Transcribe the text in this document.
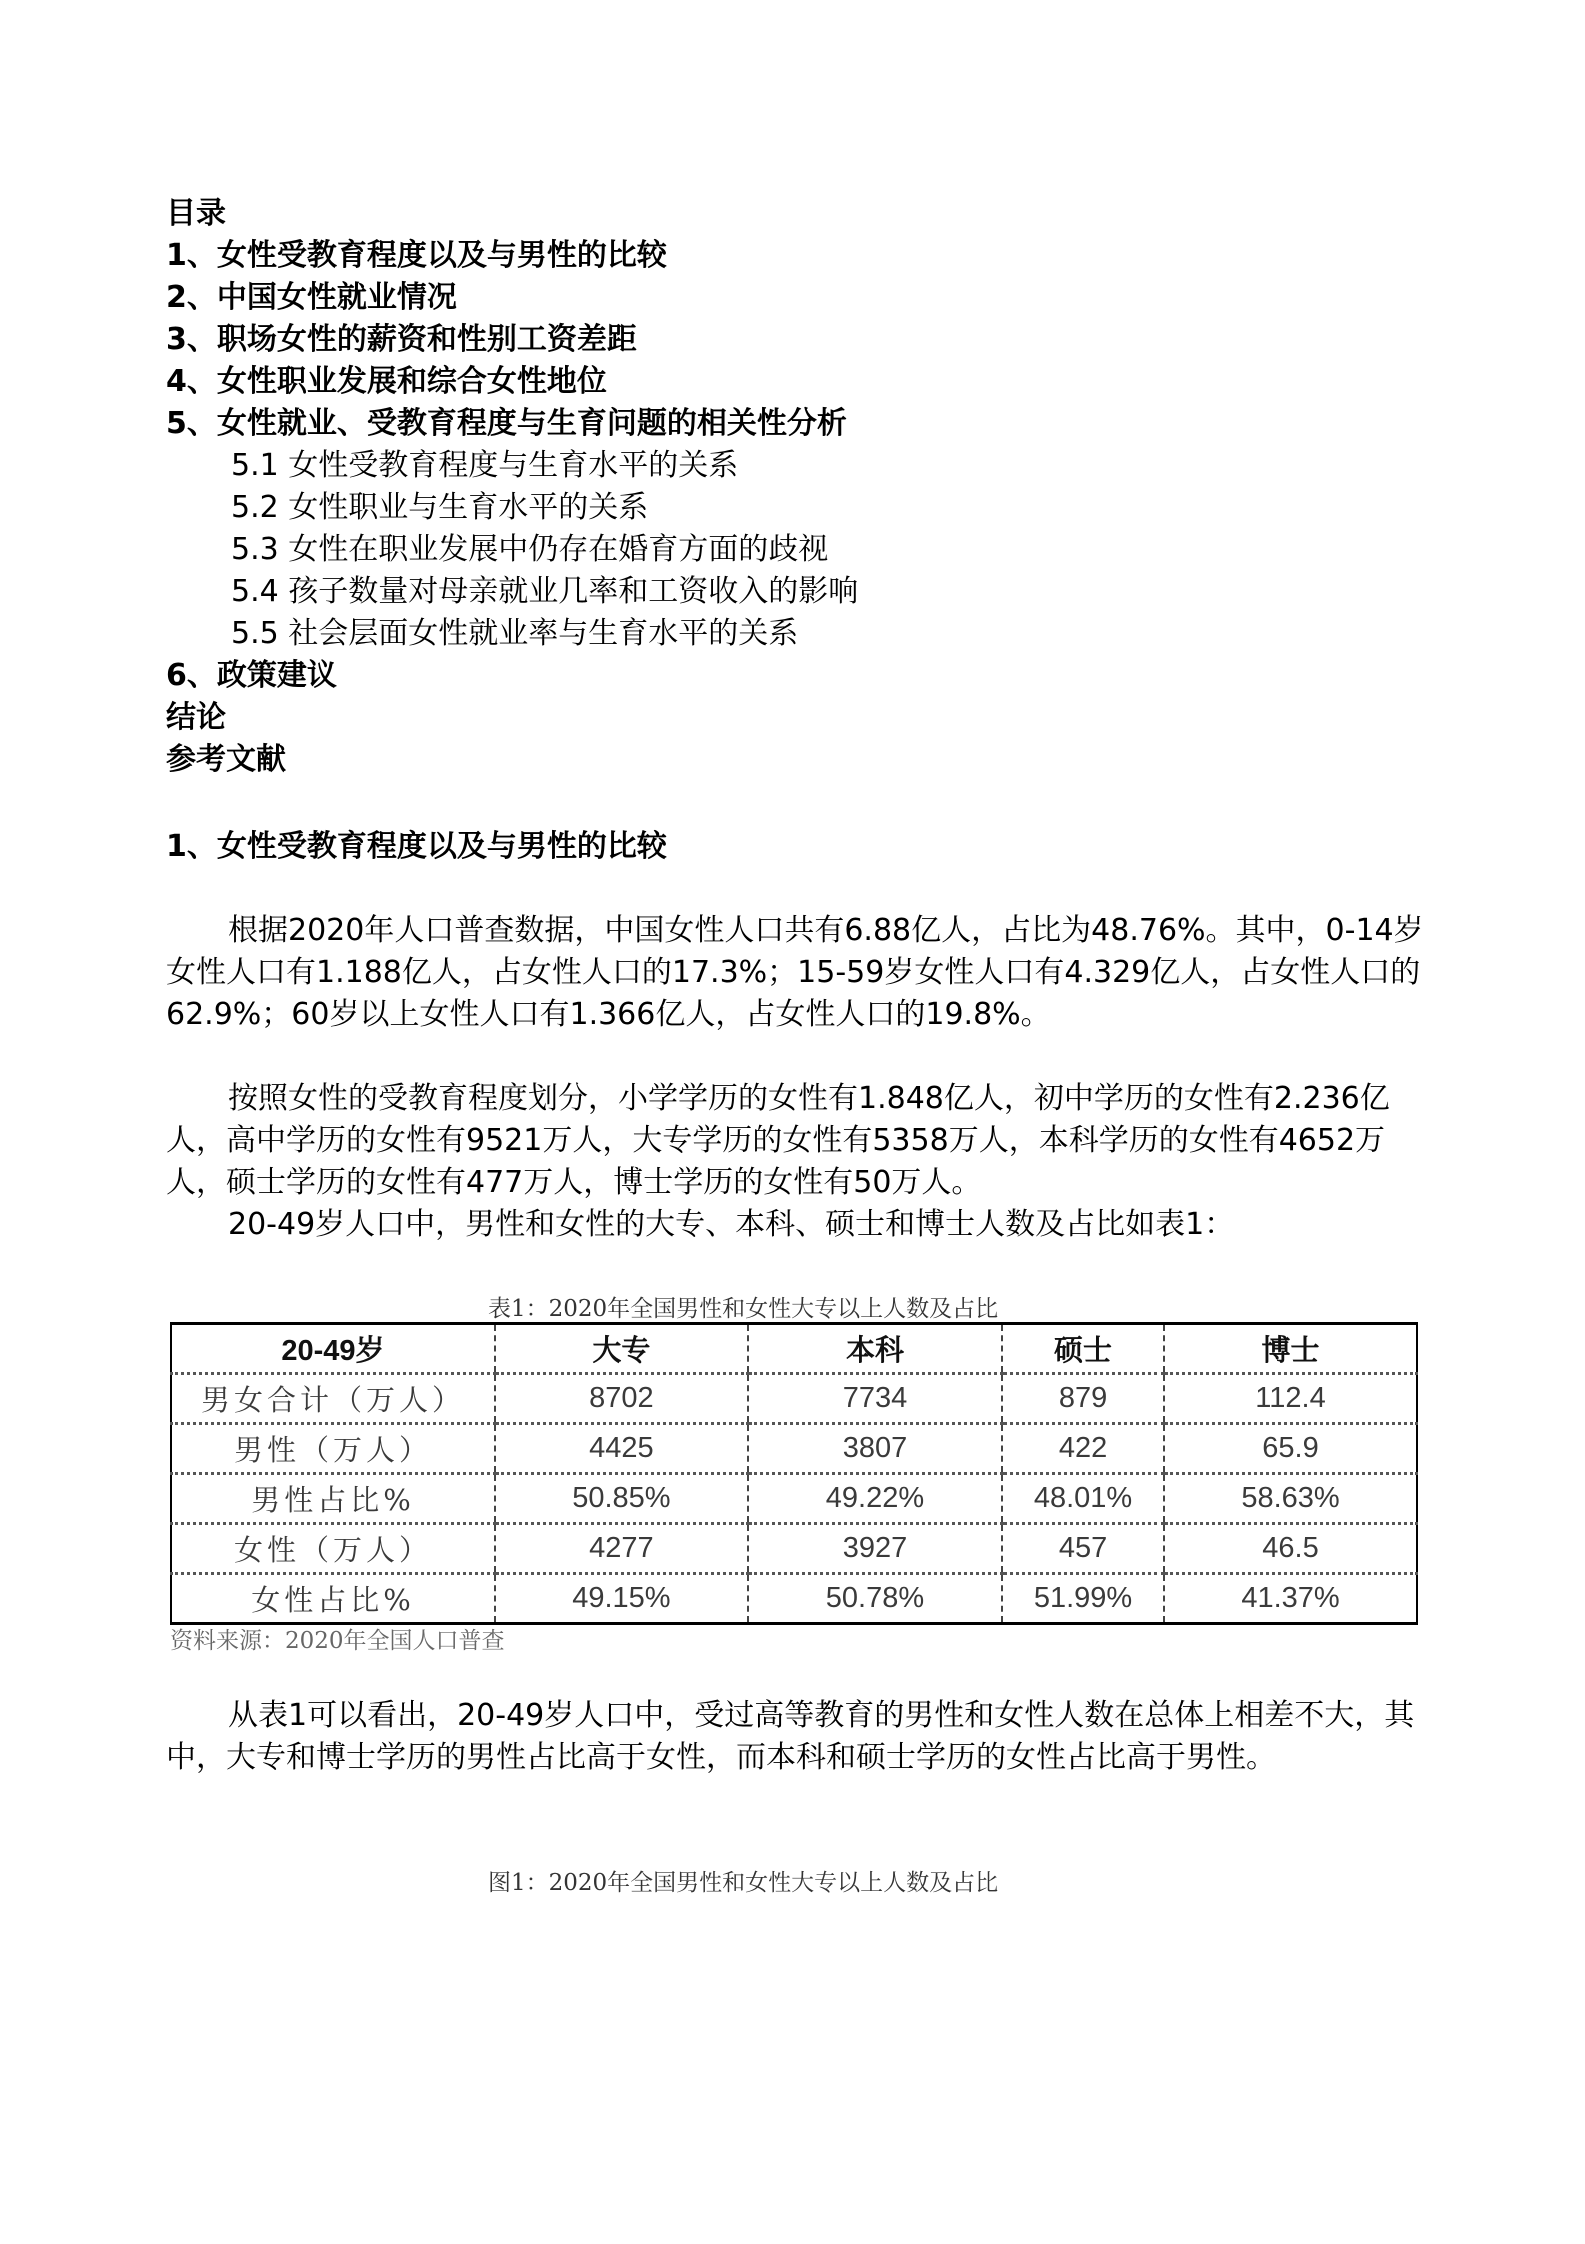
目录
1、女性受教育程度以及与男性的比较
2、中国女性就业情况
3、职场女性的薪资和性别工资差距
4、女性职业发展和综合女性地位
5、女性就业、受教育程度与生育问题的相关性分析
5.1 女性受教育程度与生育水平的关系
5.2 女性职业与生育水平的关系
5.3 女性在职业发展中仍存在婚育方面的歧视
5.4 孩子数量对母亲就业几率和工资收入的影响
5.5 社会层面女性就业率与生育水平的关系
6、政策建议
结论
参考文献
1、女性受教育程度以及与男性的比较
根据2020年人口普查数据，中国女性人口共有6.88亿人，占比为48.76%。其中，0-14岁女性人口有1.188亿人，占女性人口的17.3%；15-59岁女性人口有4.329亿人，占女性人口的62.9%；60岁以上女性人口有1.366亿人，占女性人口的19.8%。
按照女性的受教育程度划分，小学学历的女性有1.848亿人，初中学历的女性有2.236亿人，高中学历的女性有9521万人，大专学历的女性有5358万人，本科学历的女性有4652万人，硕士学历的女性有477万人，博士学历的女性有50万人。
20-49岁人口中，男性和女性的大专、本科、硕士和博士人数及占比如表1：
表1：2020年全国男性和女性大专以上人数及占比
20-49岁	大专	本科	硕士	博士
男女合计（万人）	8702	7734	879	112.4
男性（万人）	4425	3807	422	65.9
男性占比%	50.85%	49.22%	48.01%	58.63%
女性（万人）	4277	3927	457	46.5
女性占比%	49.15%	50.78%	51.99%	41.37%
资料来源：2020年全国人口普查
从表1可以看出，20-49岁人口中，受过高等教育的男性和女性人数在总体上相差不大，其中，大专和博士学历的男性占比高于女性，而本科和硕士学历的女性占比高于男性。
图1：2020年全国男性和女性大专以上人数及占比
